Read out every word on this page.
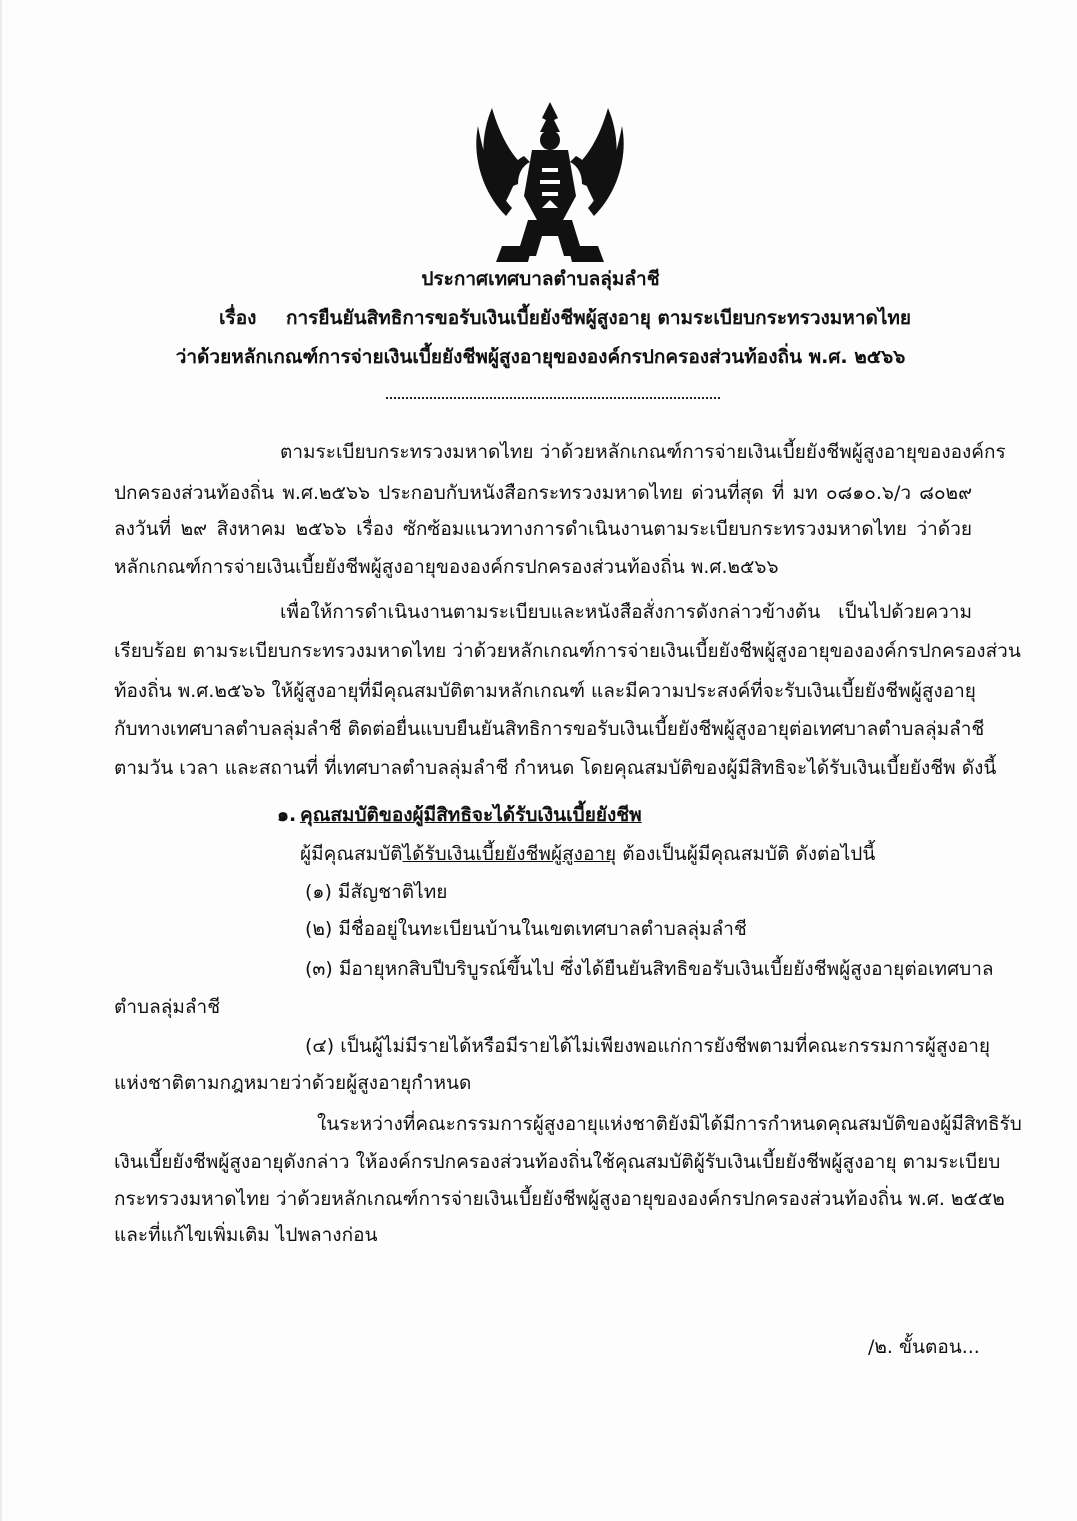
ประกาศเทศบาลตำบลลุ่มลำชี
เรื่อง การยืนยันสิทธิการขอรับเงินเบี้ยยังชีพผู้สูงอายุ ตามระเบียบกระทรวงมหาดไทย
ว่าด้วยหลักเกณฑ์การจ่ายเงินเบี้ยยังชีพผู้สูงอายุขององค์กรปกครองส่วนท้องถิ่น พ.ศ. ๒๕๖๖
ตามระเบียบกระทรวงมหาดไทย ว่าด้วยหลักเกณฑ์การจ่ายเงินเบี้ยยังชีพผู้สูงอายุขององค์กร
ปกครองส่วนท้องถิ่น พ.ศ.๒๕๖๖ ประกอบกับหนังสือกระทรวงมหาดไทย ด่วนที่สุด ที่ มท ๐๘๑๐.๖/ว ๘๐๒๙
ลงวันที่ ๒๙ สิงหาคม ๒๕๖๖ เรื่อง ซักซ้อมแนวทางการดำเนินงานตามระเบียบกระทรวงมหาดไทย ว่าด้วย
หลักเกณฑ์การจ่ายเงินเบี้ยยังชีพผู้สูงอายุขององค์กรปกครองส่วนท้องถิ่น พ.ศ.๒๕๖๖
เพื่อให้การดำเนินงานตามระเบียบและหนังสือสั่งการดังกล่าวข้างต้น เป็นไปด้วยความ
เรียบร้อย ตามระเบียบกระทรวงมหาดไทย ว่าด้วยหลักเกณฑ์การจ่ายเงินเบี้ยยังชีพผู้สูงอายุขององค์กรปกครองส่วน
ท้องถิ่น พ.ศ.๒๕๖๖ ให้ผู้สูงอายุที่มีคุณสมบัติตามหลักเกณฑ์ และมีความประสงค์ที่จะรับเงินเบี้ยยังชีพผู้สูงอายุ
กับทางเทศบาลตำบลลุ่มลำชี ติดต่อยื่นแบบยืนยันสิทธิการขอรับเงินเบี้ยยังชีพผู้สูงอายุต่อเทศบาลตำบลลุ่มลำชี
ตามวัน เวลา และสถานที่ ที่เทศบาลตำบลลุ่มลำชี กำหนด โดยคุณสมบัติของผู้มีสิทธิจะได้รับเงินเบี้ยยังชีพ ดังนี้
๑. คุณสมบัติของผู้มีสิทธิจะได้รับเงินเบี้ยยังชีพ
ผู้มีคุณสมบัติได้รับเงินเบี้ยยังชีพผู้สูงอายุ ต้องเป็นผู้มีคุณสมบัติ ดังต่อไปนี้
(๑) มีสัญชาติไทย
(๒) มีชื่ออยู่ในทะเบียนบ้านในเขตเทศบาลตำบลลุ่มลำชี
(๓) มีอายุหกสิบปีบริบูรณ์ขึ้นไป ซึ่งได้ยืนยันสิทธิขอรับเงินเบี้ยยังชีพผู้สูงอายุต่อเทศบาล
ตำบลลุ่มลำชี
(๔) เป็นผู้ไม่มีรายได้หรือมีรายได้ไม่เพียงพอแก่การยังชีพตามที่คณะกรรมการผู้สูงอายุ
แห่งชาติตามกฎหมายว่าด้วยผู้สูงอายุกำหนด
ในระหว่างที่คณะกรรมการผู้สูงอายุแห่งชาติยังมิได้มีการกำหนดคุณสมบัติของผู้มีสิทธิรับ
เงินเบี้ยยังชีพผู้สูงอายุดังกล่าว ให้องค์กรปกครองส่วนท้องถิ่นใช้คุณสมบัติผู้รับเงินเบี้ยยังชีพผู้สูงอายุ ตามระเบียบ
กระทรวงมหาดไทย ว่าด้วยหลักเกณฑ์การจ่ายเงินเบี้ยยังชีพผู้สูงอายุขององค์กรปกครองส่วนท้องถิ่น พ.ศ. ๒๕๕๒
และที่แก้ไขเพิ่มเติม ไปพลางก่อน
/๒. ขั้นตอน...
